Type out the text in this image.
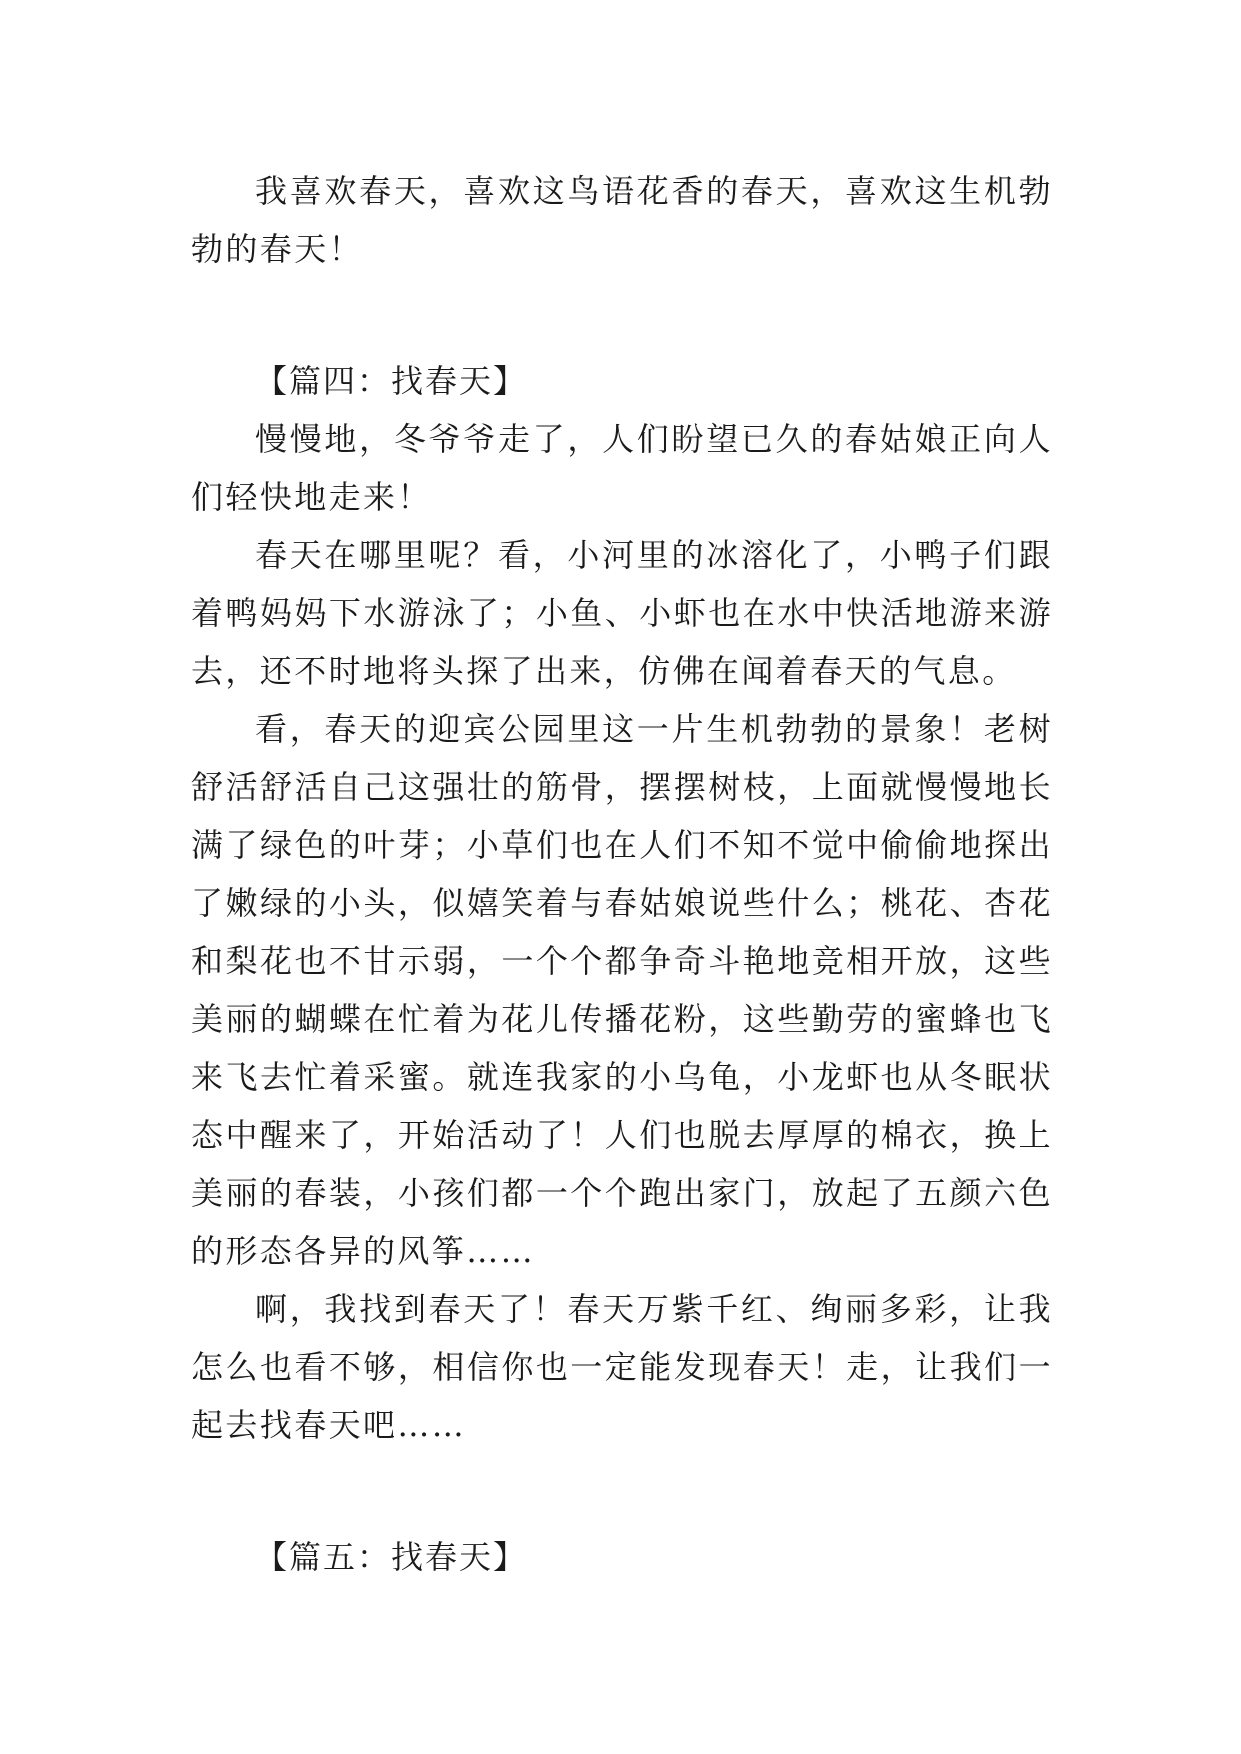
我喜欢春天，喜欢这鸟语花香的春天，喜欢这生机勃勃的春天！

【篇四：找春天】

慢慢地，冬爷爷走了，人们盼望已久的春姑娘正向人们轻快地走来！

春天在哪里呢？看，小河里的冰溶化了，小鸭子们跟着鸭妈妈下水游泳了；小鱼、小虾也在水中快活地游来游去，还不时地将头探了出来，仿佛在闻着春天的气息。

看，春天的迎宾公园里这一片生机勃勃的景象！老树舒活舒活自己这强壮的筋骨，摆摆树枝，上面就慢慢地长满了绿色的叶芽；小草们也在人们不知不觉中偷偷地探出了嫩绿的小头，似嬉笑着与春姑娘说些什么；桃花、杏花和梨花也不甘示弱，一个个都争奇斗艳地竞相开放，这些美丽的蝴蝶在忙着为花儿传播花粉，这些勤劳的蜜蜂也飞来飞去忙着采蜜。就连我家的小乌龟，小龙虾也从冬眠状态中醒来了，开始活动了！人们也脱去厚厚的棉衣，换上美丽的春装，小孩们都一个个跑出家门，放起了五颜六色的形态各异的风筝……

啊，我找到春天了！春天万紫千红、绚丽多彩，让我怎么也看不够，相信你也一定能发现春天！走，让我们一起去找春天吧……

【篇五：找春天】
